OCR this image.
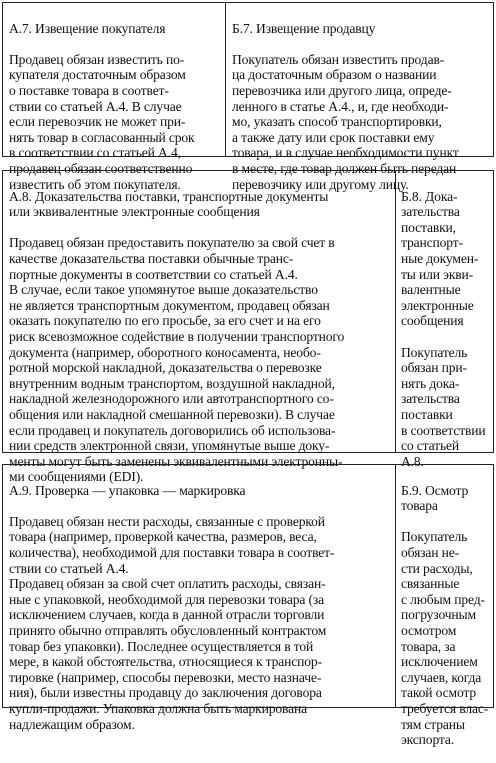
А.7. Извещение покупателя

Продавец обязан известить по-
купателя достаточным образом
о поставке товара в соответ-
ствии со статьей А.4. В случае
если перевозчик не может при-
нять товар в согласованный срок
в соответствии со статьей А.4,
продавец обязан соответственно
известить об этом покупателя.

Б.7. Извещение продавцу

Покупатель обязан известить продав-
ца достаточным образом о названии
перевозчика или другого лица, опреде-
ленного в статье А.4., и, где необходи-
мо, указать способ транспортировки,
а также дату или срок поставки ему
товара, и в случае необходимости пункт
в месте, где товар должен быть передан
перевозчику или другому лицу.

А.8. Доказательства поставки, транспортные документы
или эквивалентные электронные сообщения

Продавец обязан предоставить покупателю за свой счет в
качестве доказательства поставки обычные транс-
портные документы в соответствии со статьей А.4.
В случае, если такое упомянутое выше доказательство
не является транспортным документом, продавец обязан
оказать покупателю по его просьбе, за его счет и на его
риск всевозможное содействие в получении транспортного
документа (например, оборотного коносамента, необо-
ротной морской накладной, доказательства о перевозке
внутренним водным транспортом, воздушной накладной,
накладной железнодорожного или автотранспортного со-
общения или накладной смешанной перевозки). В случае
если продавец и покупатель договорились об использова-
нии средств электронной связи, упомянутые выше доку-
менты могут быть заменены эквивалентными электронны-
ми сообщениями (EDI).

Б.8. Дока-
зательства
поставки,
транспорт-
ные докумен-
ты или экви-
валентные
электронные
сообщения

Покупатель
обязан при-
нять дока-
зательства
поставки
в соответствии
со статьей
А.8.

А.9. Проверка — упаковка — маркировка

Продавец обязан нести расходы, связанные с проверкой
товара (например, проверкой качества, размеров, веса,
количества), необходимой для поставки товара в соответ-
ствии со статьей А.4.
Продавец обязан за свой счет оплатить расходы, связан-
ные с упаковкой, необходимой для перевозки товара (за
исключением случаев, когда в данной отрасли торговли
принято обычно отправлять обусловленный контрактом
товар без упаковки). Последнее осуществляется в той
мере, в какой обстоятельства, относящиеся к транспор-
тировке (например, способы перевозки, место назначе-
ния), были известны продавцу до заключения договора
купли-продажи. Упаковка должна быть маркирована
надлежащим образом.

Б.9. Осмотр
товара

Покупатель
обязан не-
сти расходы,
связанные
с любым пред-
погрузочным
осмотром
товара, за
исключением
случаев, когда
такой осмотр
требуется влас-
тям страны
экспорта.
